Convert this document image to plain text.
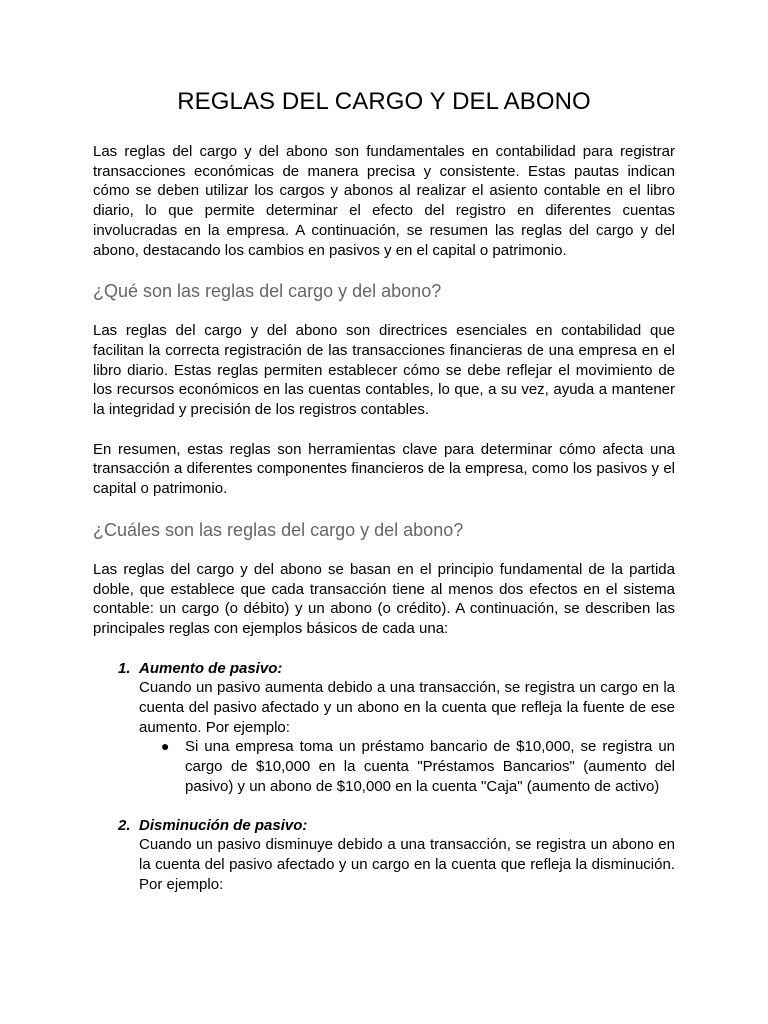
REGLAS DEL CARGO Y DEL ABONO

Las reglas del cargo y del abono son fundamentales en contabilidad para registrar transacciones económicas de manera precisa y consistente. Estas pautas indican cómo se deben utilizar los cargos y abonos al realizar el asiento contable en el libro diario, lo que permite determinar el efecto del registro en diferentes cuentas involucradas en la empresa. A continuación, se resumen las reglas del cargo y del abono, destacando los cambios en pasivos y en el capital o patrimonio.

¿Qué son las reglas del cargo y del abono?

Las reglas del cargo y del abono son directrices esenciales en contabilidad que facilitan la correcta registración de las transacciones financieras de una empresa en el libro diario. Estas reglas permiten establecer cómo se debe reflejar el movimiento de los recursos económicos en las cuentas contables, lo que, a su vez, ayuda a mantener la integridad y precisión de los registros contables.

En resumen, estas reglas son herramientas clave para determinar cómo afecta una transacción a diferentes componentes financieros de la empresa, como los pasivos y el capital o patrimonio.

¿Cuáles son las reglas del cargo y del abono?

Las reglas del cargo y del abono se basan en el principio fundamental de la partida doble, que establece que cada transacción tiene al menos dos efectos en el sistema contable: un cargo (o débito) y un abono (o crédito). A continuación, se describen las principales reglas con ejemplos básicos de cada una:

1. Aumento de pasivo:
Cuando un pasivo aumenta debido a una transacción, se registra un cargo en la cuenta del pasivo afectado y un abono en la cuenta que refleja la fuente de ese aumento. Por ejemplo:
● Si una empresa toma un préstamo bancario de $10,000, se registra un cargo de $10,000 en la cuenta "Préstamos Bancarios" (aumento del pasivo) y un abono de $10,000 en la cuenta "Caja" (aumento de activo)
2. Disminución de pasivo:
Cuando un pasivo disminuye debido a una transacción, se registra un abono en la cuenta del pasivo afectado y un cargo en la cuenta que refleja la disminución. Por ejemplo:
